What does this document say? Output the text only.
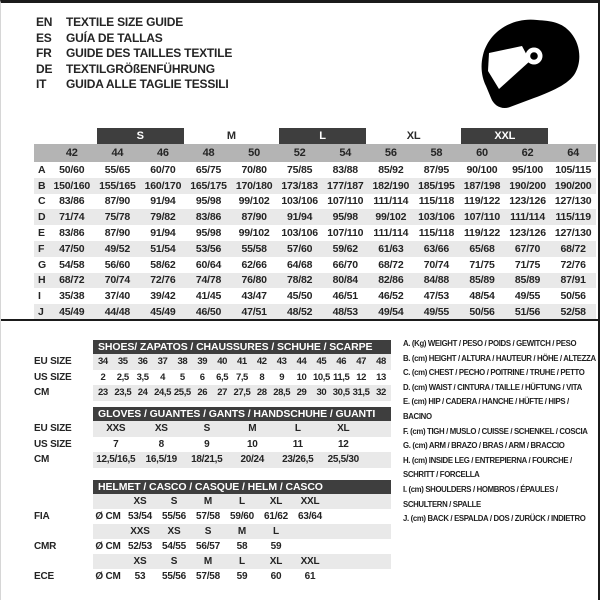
EN	TEXTILE SIZE GUIDE
ES	GUÍA DE TALLAS
FR	GUIDE DES TAILLES TEXTILE
DE	TEXTILGRÖßENFÜHRUNG
IT	GUIDA ALLE TAGLIE TESSILI

		S		M		L		XL		XXL		

	42	44	46	48	50	52	54	56	58	60	62	64
A	50/60	55/65	60/70	65/75	70/80	75/85	83/88	85/92	87/95	90/100	95/100	105/115
B	150/160	155/165	160/170	165/175	170/180	173/183	177/187	182/190	185/195	187/198	190/200	190/200
C	83/86	87/90	91/94	95/98	99/102	103/106	107/110	111/114	115/118	119/122	123/126	127/130
D	71/74	75/78	79/82	83/86	87/90	91/94	95/98	99/102	103/106	107/110	111/114	115/119
E	83/86	87/90	91/94	95/98	99/102	103/106	107/110	111/114	115/118	119/122	123/126	127/130
F	47/50	49/52	51/54	53/56	55/58	57/60	59/62	61/63	63/66	65/68	67/70	68/72
G	54/58	56/60	58/62	60/64	62/66	64/68	66/70	68/72	70/74	71/75	71/75	72/76
H	68/72	70/74	72/76	74/78	76/80	78/82	80/84	82/86	84/88	85/89	85/89	87/91
I	35/38	37/40	39/42	41/45	43/47	45/50	46/51	46/52	47/53	48/54	49/55	50/56
J	45/49	44/48	45/49	46/50	47/51	48/52	48/53	49/54	49/55	50/56	51/56	52/58
	SHOES/ ZAPATOS / CHAUSSURES / SCHUHE / SCARPE														
EU SIZE	34	35	36	37	38	39	40	41	42	43	44	45	46	47	48
US SIZE	2	2,5	3,5	4	5	6	6,5	7,5	8	9	10	10,5	11,5	12	13
CM	23	23,5	24	24,5	25,5	26	27	27,5	28	28,5	29	30	30,5	31,5	32
	GLOVES / GUANTES / GANTS / HANDSCHUHE / GUANTI						
EU SIZE	XXS	XS	S	M	L	XL	
US SIZE	7	8	9	10	11	12	
CM	12,5/16,5	16,5/19	18/21,5	20/24	23/26,5	25,5/30	
	HELMET / CASCO / CASQUE / HELM / CASCO							
		XS	S	M	L	XL	XXL	
FIA	Ø CM	53/54	55/56	57/58	59/60	61/62	63/64	
		XXS	XS	S	M	L		
CMR	Ø CM	52/53	54/55	56/57	58	59		
		XS	S	M	L	XL	XXL	
ECE	Ø CM	53	55/56	57/58	59	60	61	
A. (Kg) WEIGHT / PESO / POIDS / GEWITCH / PESO
B. (cm) HEIGHT / ALTURA / HAUTEUR / HÖHE / ALTEZZA
C. (cm) CHEST / PECHO / POITRINE / TRUHE / PETTO
D. (cm) WAIST / CINTURA / TAILLE / HÜFTUNG / VITA
E. (cm) HIP / CADERA / HANCHE / HÜFTE / HIPS / BACINO
F. (cm) TIGH / MUSLO / CUISSE / SCHENKEL / COSCIA
G. (cm) ARM / BRAZO / BRAS / ARM / BRACCIO
H. (cm) INSIDE LEG / ENTREPIERNA / FOURCHE / SCHRITT / FORCELLA
I. (cm) SHOULDERS / HOMBROS / ÉPAULES / SCHULTERN / SPALLE
J. (cm) BACK / ESPALDA / DOS / ZURÜCK / INDIETRO
